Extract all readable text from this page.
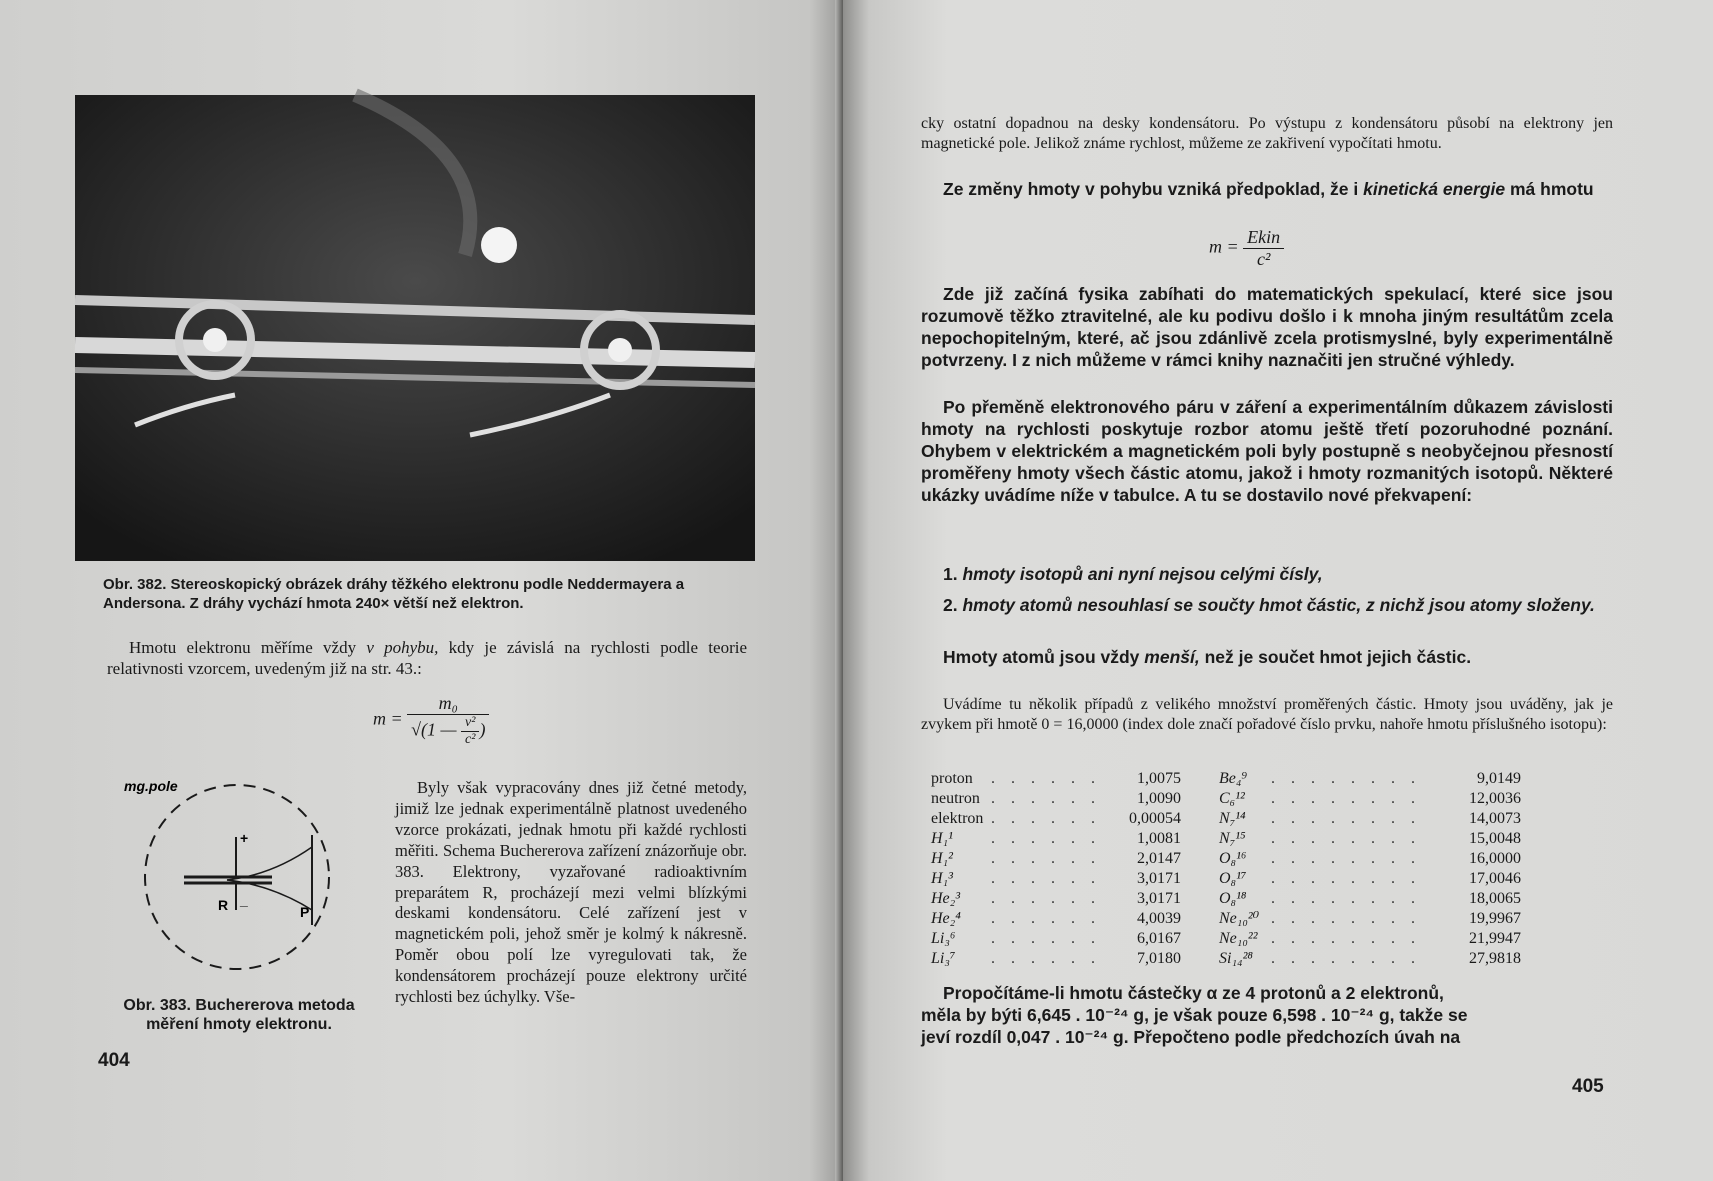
Obr. 382. Stereoskopický obrázek dráhy těžkého elektronu podle Neddermayera a Andersona. Z dráhy vychází hmota 240× větší než elektron.
Hmotu elektronu měříme vždy v pohybu, kdy je závislá na rychlosti podle teorie relativnosti vzorcem, uvedeným již na str. 43.:
$m = \frac{\text{m₀}}{√(1 — \frac{\text{v²}}{\text{c²}} )}$
mg.pole
R	P
+
_
Obr. 383. Buchererova metoda měření hmoty elektronu.
Byly však vypracovány dnes již četné metody, jimiž lze jednak experimentálně platnost uvedeného vzorce prokázati, jednak hmotu při každé rychlosti měřiti. Schema Buchererova zařízení znázorňuje obr. 383. Elektrony, vyzařované radioaktivním preparátem R, procházejí mezi velmi blízkými deskami kondensátoru. Celé zařízení jest v magnetickém poli, jehož směr je kolmý k nákresně. Poměr obou polí lze vyregulovati tak, že kondensátorem procházejí pouze elektrony určité rychlosti bez úchylky. Vše-
404
cky ostatní dopadnou na desky kondensátoru. Po výstupu z kondensátoru působí na elektrony jen magnetické pole. Jelikož známe rychlost, můžeme ze zakřivení vypočítati hmotu.
Ze změny hmoty v pohybu vzniká předpoklad, že i kinetická energie má hmotu
$m = \frac{\text{Ekin}}{\text{c²}}$
Zde již začíná fysika zabíhati do matematických spekulací, které sice jsou rozumově těžko ztravitelné, ale ku podivu došlo i k mnoha jiným resultátům zcela nepochopitelným, které, ač jsou zdánlivě zcela protismyslné, byly experimentálně potvrzeny. I z nich můžeme v rámci knihy naznačiti jen stručné výhledy.
Po přeměně elektronového páru v záření a experimentálním důkazem závislosti hmoty na rychlosti poskytuje rozbor atomu ještě třetí pozoruhodné poznání. Ohybem v elektrickém a magnetickém poli byly postupně s neobyčejnou přesností proměřeny hmoty všech částic atomu, jakož i hmoty rozmanitých isotopů. Některé ukázky uvádíme níže v tabulce. A tu se dostavilo nové překvapení:
1. hmoty isotopů ani nyní nejsou celými čísly,
2. hmoty atomů nesouhlasí se součty hmot částic, z nichž jsou atomy složeny.
Hmoty atomů jsou vždy menší, než je součet hmot jejich částic.
Uvádíme tu několik případů z velikého množství proměřených částic. Hmoty jsou uváděny, jak je zvykem při hmotě 0 = 16,0000 (index dole značí pořadové číslo prvku, nahoře hmotu příslušného isotopu):
proton	. . . . . .	1,0075	Be₄⁹	. . . . . . . .	9,0149
neutron	. . . . . .	1,0090	C₆¹²	. . . . . . . .	12,0036
elektron	. . . . . .	0,00054	N₇¹⁴	. . . . . . . .	14,0073
H₁¹	. . . . . .	1,0081	N₇¹⁵	. . . . . . . .	15,0048
H₁²	. . . . . .	2,0147	O₈¹⁶	. . . . . . . .	16,0000
H₁³	. . . . . .	3,0171	O₈¹⁷	. . . . . . . .	17,0046
He₂³	. . . . . .	3,0171	O₈¹⁸	. . . . . . . .	18,0065
He₂⁴	. . . . . .	4,0039	Ne₁₀²⁰	. . . . . . . .	19,9967
Li₃⁶	. . . . . .	6,0167	Ne₁₀²²	. . . . . . . .	21,9947
Li₃⁷	. . . . . .	7,0180	Si₁₄²⁸	. . . . . . . .	27,9818
Propočítáme-li hmotu částečky α ze 4 protonů a 2 elektronů,
měla by býti 6,645 . 10⁻²⁴ g, je však pouze 6,598 . 10⁻²⁴ g, takže se
jeví rozdíl 0,047 . 10⁻²⁴ g. Přepočteno podle předchozích úvah na
405
